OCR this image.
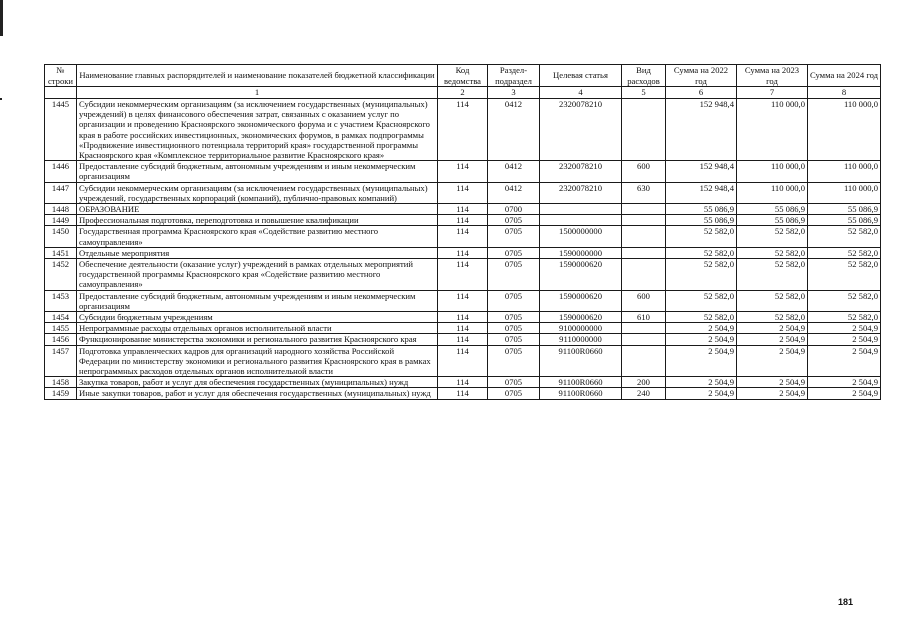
№ строки	Наименование главных распорядителей и наименование показателей бюджетной классификации	Код ведомства	Раздел-подраздел	Целевая статья	Вид расходов	Сумма на 2022 год	Сумма на 2023 год	Сумма на 2024 год
	1	2	3	4	5	6	7	8
1445	Субсидии некоммерческим организациям (за исключением государственных (муниципальных) учреждений) в целях финансового обеспечения затрат, связанных с оказанием услуг по организации и проведению Красноярского экономического форума и с участием Красноярского края в работе российских инвестиционных, экономических форумов, в рамках подпрограммы «Продвижение инвестиционного потенциала территорий края» государственной программы Красноярского края «Комплексное территориальное развитие Красноярского края»	114	0412	2320078210		152 948,4	110 000,0	110 000,0
1446	Предоставление субсидий бюджетным, автономным учреждениям и иным некоммерческим организациям	114	0412	2320078210	600	152 948,4	110 000,0	110 000,0
1447	Субсидии некоммерческим организациям (за исключением государственных (муниципальных) учреждений, государственных корпораций (компаний), публично-правовых компаний)	114	0412	2320078210	630	152 948,4	110 000,0	110 000,0
1448	ОБРАЗОВАНИЕ	114	0700			55 086,9	55 086,9	55 086,9
1449	Профессиональная подготовка, переподготовка и повышение квалификации	114	0705			55 086,9	55 086,9	55 086,9
1450	Государственная программа Красноярского края «Содействие развитию местного самоуправления»	114	0705	1500000000		52 582,0	52 582,0	52 582,0
1451	Отдельные мероприятия	114	0705	1590000000		52 582,0	52 582,0	52 582,0
1452	Обеспечение деятельности (оказание услуг) учреждений в рамках отдельных мероприятий государственной программы Красноярского края «Содействие развитию местного самоуправления»	114	0705	1590000620		52 582,0	52 582,0	52 582,0
1453	Предоставление субсидий бюджетным, автономным учреждениям и иным некоммерческим организациям	114	0705	1590000620	600	52 582,0	52 582,0	52 582,0
1454	Субсидии бюджетным учреждениям	114	0705	1590000620	610	52 582,0	52 582,0	52 582,0
1455	Непрограммные расходы отдельных органов исполнительной власти	114	0705	9100000000		2 504,9	2 504,9	2 504,9
1456	Функционирование министерства экономики и регионального развития Красноярского края	114	0705	9110000000		2 504,9	2 504,9	2 504,9
1457	Подготовка управленческих кадров для организаций народного хозяйства Российской Федерации по министерству экономики и регионального развития Красноярского края в рамках непрограммных расходов отдельных органов исполнительной власти	114	0705	91100R0660		2 504,9	2 504,9	2 504,9
1458	Закупка товаров, работ и услуг для обеспечения государственных (муниципальных) нужд	114	0705	91100R0660	200	2 504,9	2 504,9	2 504,9
1459	Иные закупки товаров, работ и услуг для обеспечения государственных (муниципальных) нужд	114	0705	91100R0660	240	2 504,9	2 504,9	2 504,9
181
